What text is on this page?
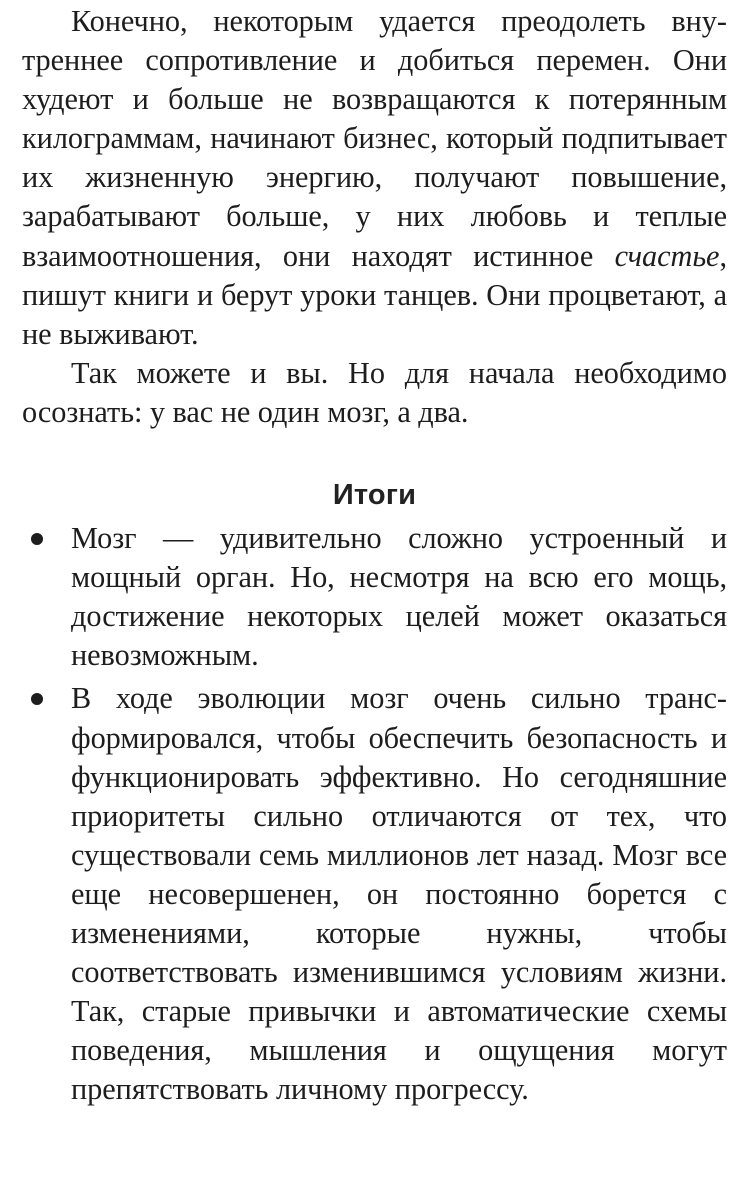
Конечно, некоторым удается преодолеть внутреннее сопротивление и добиться перемен. Они худеют и больше не возвращаются к потерянным килограммам, начинают бизнес, который подпитывает их жизненную энергию, получают повышение, зарабатывают больше, у них любовь и теплые взаимоотношения, они находят истинное счастье, пишут книги и берут уроки танцев. Они процветают, а не выживают.

Так можете и вы. Но для начала необходимо осознать: у вас не один мозг, а два.

Итоги
Мозг — удивительно сложно устроенный и мощный орган. Но, несмотря на всю его мощь, достижение некоторых целей может оказаться невозможным.
В ходе эволюции мозг очень сильно трансформировался, чтобы обеспечить безопасность и функционировать эффективно. Но сегодняшние приоритеты сильно отличаются от тех, что существовали семь миллионов лет назад. Мозг все еще несовершенен, он постоянно борется с изменениями, которые нужны, чтобы соответствовать изменившимся условиям жизни. Так, старые привычки и автоматические схемы поведения, мышления и ощущения могут препятствовать личному прогрессу.
